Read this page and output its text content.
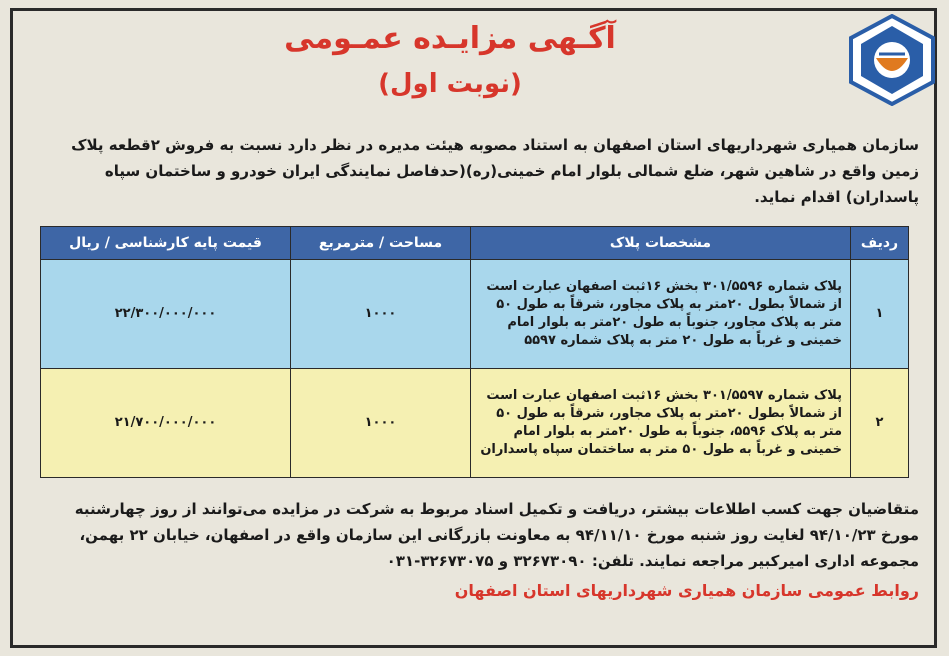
آگـهی مزایـده عمـومی
(نوبت اول)
سازمان همیاری شهرداریهای استان اصفهان به استناد مصوبه هیئت مدیره در نظر دارد نسبت به فروش ۲قطعه پلاک زمین واقع در شاهین شهر، ضلع شمالی بلوار امام خمینی(ره)(حدفاصل نمایندگی ایران خودرو و ساختمان سپاه پاسداران) اقدام نماید.
ردیف	مشخصات پلاک	مساحت / مترمربع	قیمت پایه کارشناسی / ریال
۱	پلاک شماره ۳۰۱/۵۵۹۶ بخش ۱۶ثبت اصفهان عبارت است از شمالاً بطول ۲۰متر به پلاک مجاور، شرقاً به طول ۵۰ متر به پلاک مجاور، جنوباً به طول ۲۰متر به بلوار امام خمینی و غرباً به طول ۲۰ متر به پلاک شماره ۵۵۹۷	۱۰۰۰	۲۲/۳۰۰/۰۰۰/۰۰۰
۲	پلاک شماره ۳۰۱/۵۵۹۷ بخش ۱۶ثبت اصفهان عبارت است از شمالاً بطول ۲۰متر به پلاک مجاور، شرقاً به طول ۵۰ متر به پلاک ۵۵۹۶، جنوباً به طول ۲۰متر به بلوار امام خمینی و غرباً به طول ۵۰ متر به ساختمان سپاه پاسداران	۱۰۰۰	۲۱/۷۰۰/۰۰۰/۰۰۰
متقاضیان جهت کسب اطلاعات بیشتر، دریافت و تکمیل اسناد مربوط به شرکت در مزایده می‌توانند از روز چهارشنبه
مورخ ۹۴/۱۰/۲۳ لغایت روز شنبه مورخ ۹۴/۱۱/۱۰ به معاونت بازرگانی این سازمان واقع در اصفهان، خیابان ۲۲ بهمن،
مجموعه اداری امیرکبیر مراجعه نمایند. تلفن: ۳۲۶۷۳۰۹۰ و ۳۲۶۷۳۰۷۵-۰۳۱
روابط عمومی سازمان همیاری شهرداریهای استان اصفهان
